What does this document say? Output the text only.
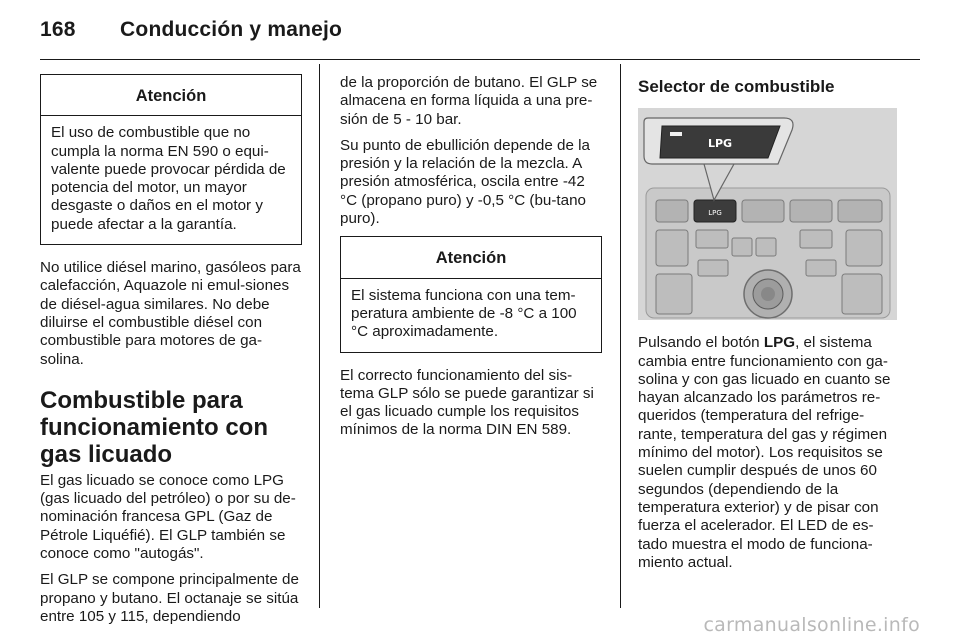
168 Conducción y manejo
Atención
El uso de combustible que no cumpla la norma EN 590 o equi-valente puede provocar pérdida de potencia del motor, un mayor desgaste o daños en el motor y puede afectar a la garantía.

No utilice diésel marino, gasóleos para calefacción, Aquazole ni emul-siones de diésel-agua similares. No debe diluirse el combustible diésel con combustible para motores de ga-solina.

Combustible para funcionamiento con gas licuado

El gas licuado se conoce como LPG (gas licuado del petróleo) o por su de-nominación francesa GPL (Gaz de Pétrole Liquéfié). El GLP también se conoce como "autogás".

El GLP se compone principalmente de propano y butano. El octanaje se sitúa entre 105 y 115, dependiendo

de la proporción de butano. El GLP se almacena en forma líquida a una pre-sión de 5 - 10 bar.

Su punto de ebullición depende de la presión y la relación de la mezcla. A presión atmosférica, oscila entre -42 °C (propano puro) y -0,5 °C (bu-tano puro).

Atención
El sistema funciona con una tem-peratura ambiente de -8 °C a 100 °C aproximadamente.

El correcto funcionamiento del sis-tema GLP sólo se puede garantizar si el gas licuado cumple los requisitos mínimos de la norma DIN EN 589.

Selector de combustible
LPG
LPG

Pulsando el botón LPG, el sistema cambia entre funcionamiento con ga-solina y con gas licuado en cuanto se hayan alcanzado los parámetros re-queridos (temperatura del refrige-rante, temperatura del gas y régimen mínimo del motor). Los requisitos se suelen cumplir después de unos 60 segundos (dependiendo de la temperatura exterior) y de pisar con fuerza el acelerador. El LED de es-tado muestra el modo de funciona-miento actual.

carmanualsonline.info
